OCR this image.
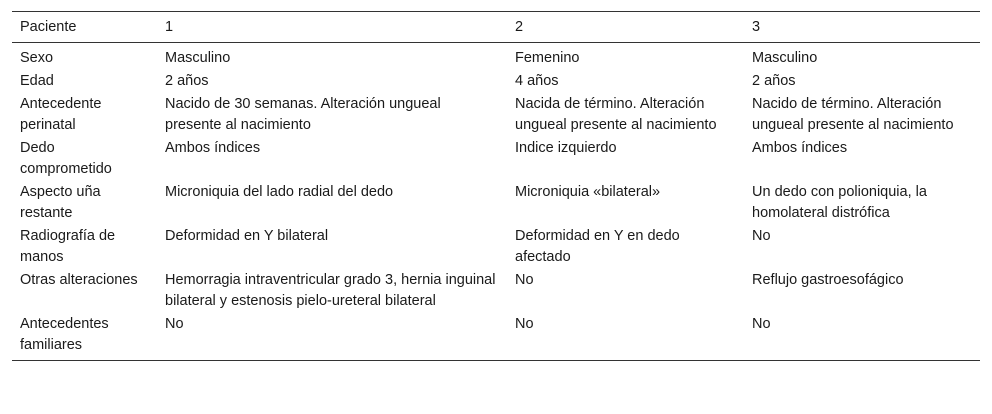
Paciente	1	2	3
Sexo	Masculino	Femenino	Masculino
Edad	2 años	4 años	2 años
Antecedente perinatal	Nacido de 30 semanas. Alteración ungueal presente al nacimiento	Nacida de término. Alteración ungueal presente al nacimiento	Nacido de término. Alteración ungueal presente al nacimiento
Dedo comprometido	Ambos índices	Indice izquierdo	Ambos índices
Aspecto uña restante	Microniquia del lado radial del dedo	Microniquia «bilateral»	Un dedo con polioniquia, la homolateral distrófica
Radiografía de manos	Deformidad en Y bilateral	Deformidad en Y en dedo afectado	No
Otras alteraciones	Hemorragia intraventricular grado 3, hernia inguinal bilateral y estenosis pielo-ureteral bilateral	No	Reflujo gastroesofágico
Antecedentes familiares	No	No	No
